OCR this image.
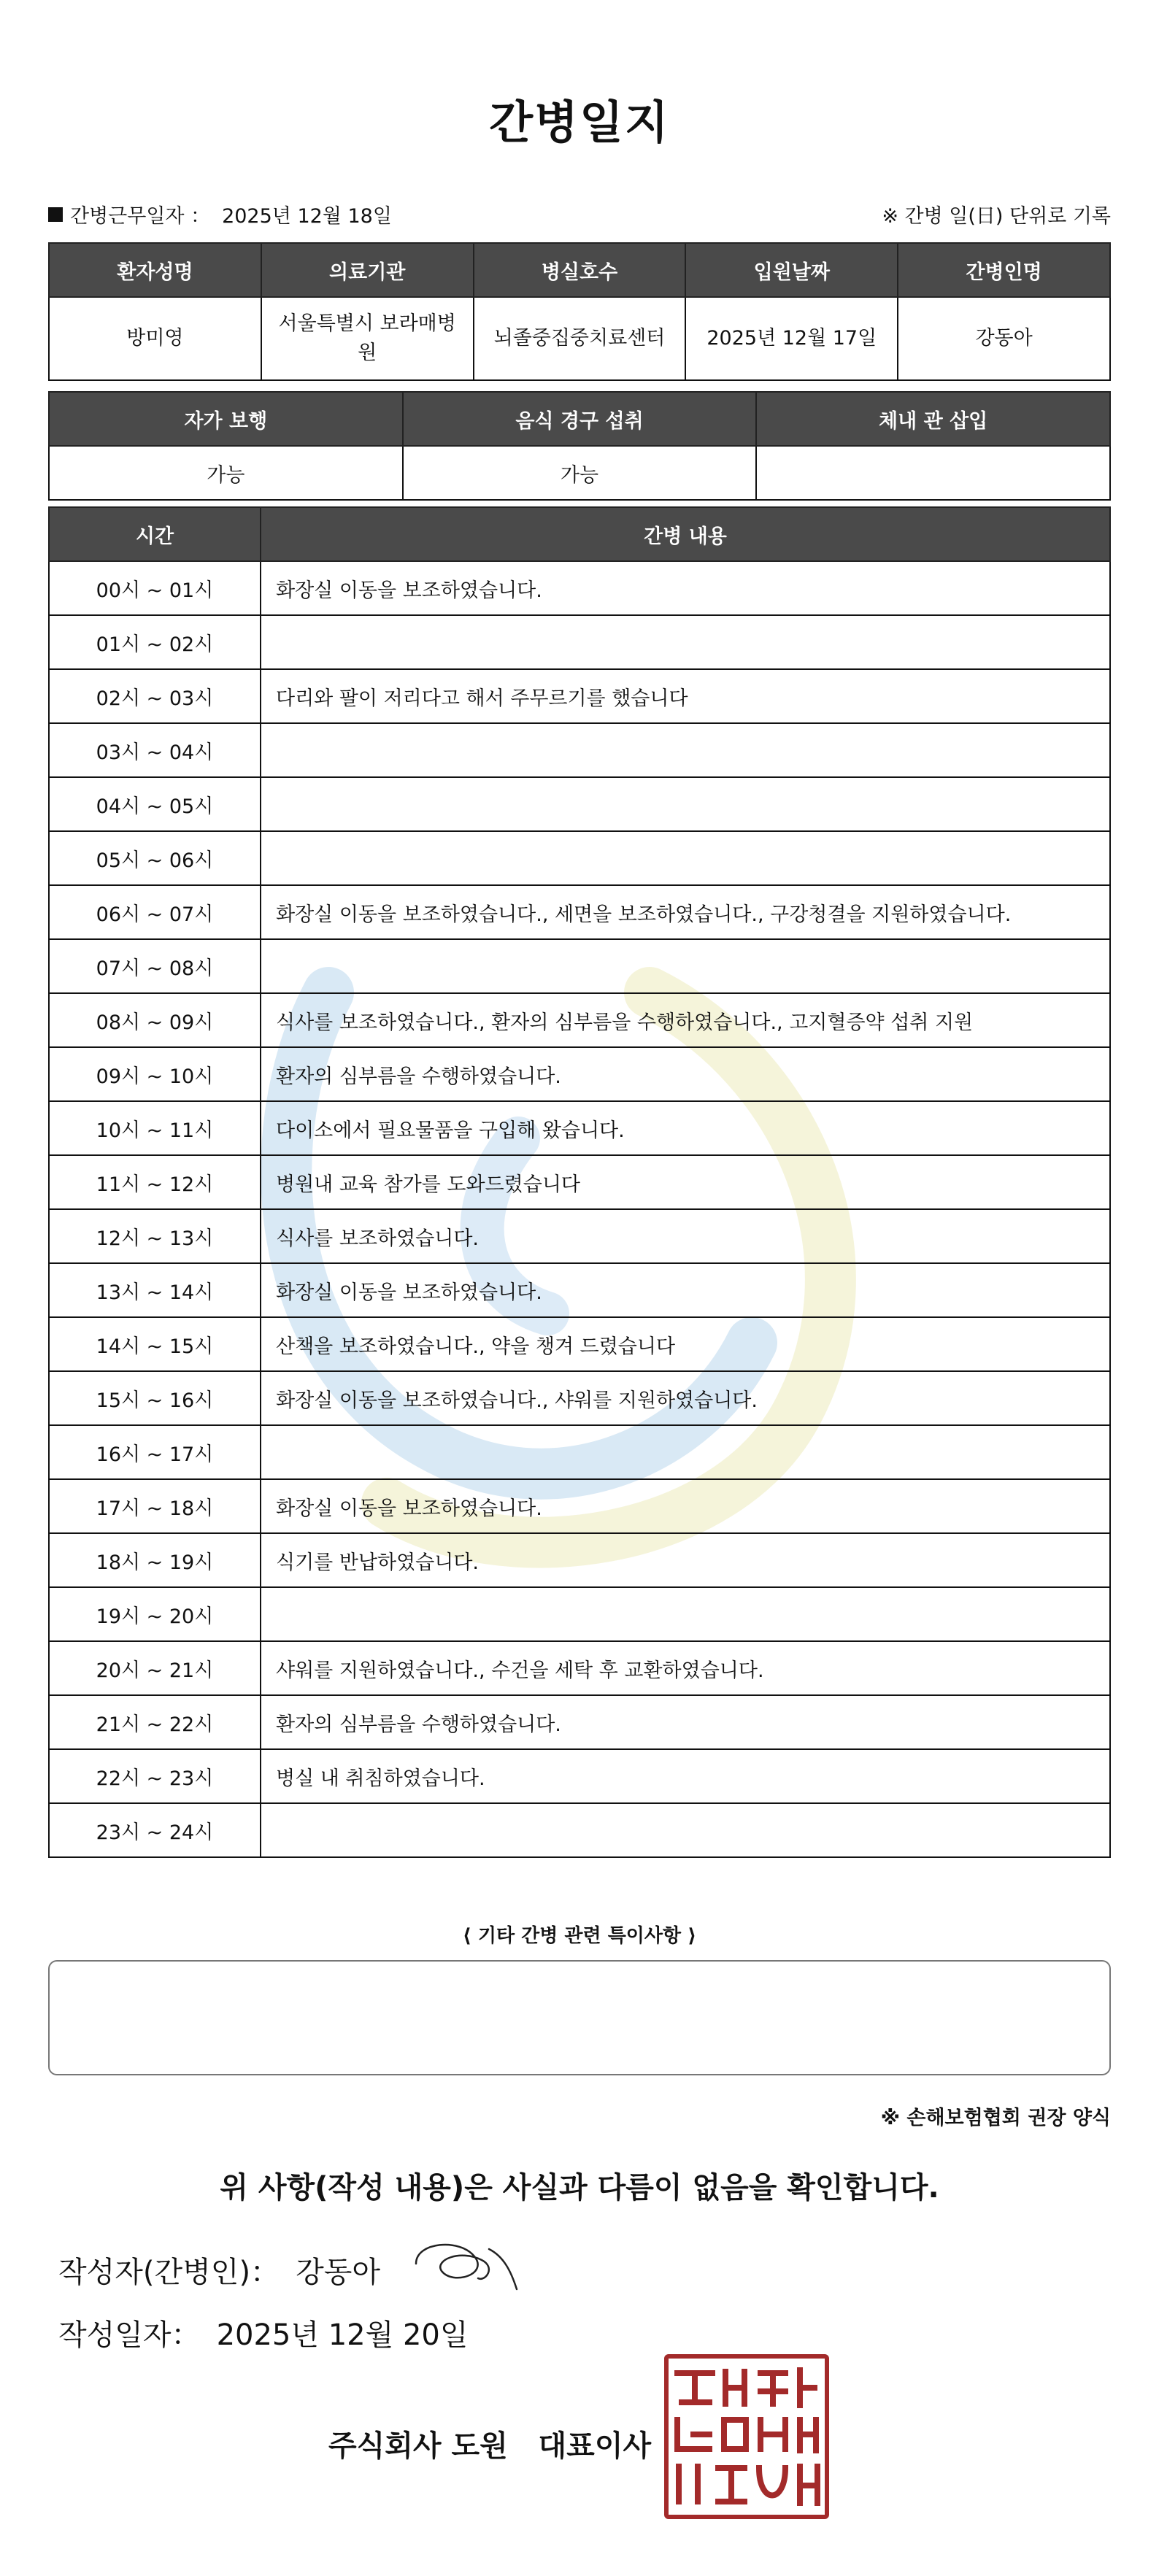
간병일지
간병근무일자 ： 2025년 12월 18일	※ 간병 일(日) 단위로 기록
환자성명	의료기관	병실호수	입원날짜	간병인명
방미영	서울특별시 보라매병원	뇌졸중집중치료센터	2025년 12월 17일	강동아
자가 보행	음식 경구 섭취	체내 관 삽입
가능	가능	
시간	간병 내용
00시 ~ 01시	화장실 이동을 보조하였습니다.
01시 ~ 02시	
02시 ~ 03시	다리와 팔이 저리다고 해서 주무르기를 했습니다
03시 ~ 04시	
04시 ~ 05시	
05시 ~ 06시	
06시 ~ 07시	화장실 이동을 보조하였습니다., 세면을 보조하였습니다., 구강청결을 지원하였습니다.
07시 ~ 08시	
08시 ~ 09시	식사를 보조하였습니다., 환자의 심부름을 수행하였습니다., 고지혈증약 섭취 지원
09시 ~ 10시	환자의 심부름을 수행하였습니다.
10시 ~ 11시	다이소에서 필요물품을 구입해 왔습니다.
11시 ~ 12시	병원내 교육 참가를 도와드렸습니다
12시 ~ 13시	식사를 보조하였습니다.
13시 ~ 14시	화장실 이동을 보조하였습니다.
14시 ~ 15시	산책을 보조하였습니다., 약을 챙겨 드렸습니다
15시 ~ 16시	화장실 이동을 보조하였습니다., 샤워를 지원하였습니다.
16시 ~ 17시	
17시 ~ 18시	화장실 이동을 보조하였습니다.
18시 ~ 19시	식기를 반납하였습니다.
19시 ~ 20시	
20시 ~ 21시	샤워를 지원하였습니다., 수건을 세탁 후 교환하였습니다.
21시 ~ 22시	환자의 심부름을 수행하였습니다.
22시 ~ 23시	병실 내 취침하였습니다.
23시 ~ 24시	
⟨ 기타 간병 관련 특이사항 ⟩
※ 손해보험협회 권장 양식
위 사항(작성 내용)은 사실과 다름이 없음을 확인합니다.
작성자(간병인)： 강동아
작성일자： 2025년 12월 20일
주식회사 도원   대표이사
